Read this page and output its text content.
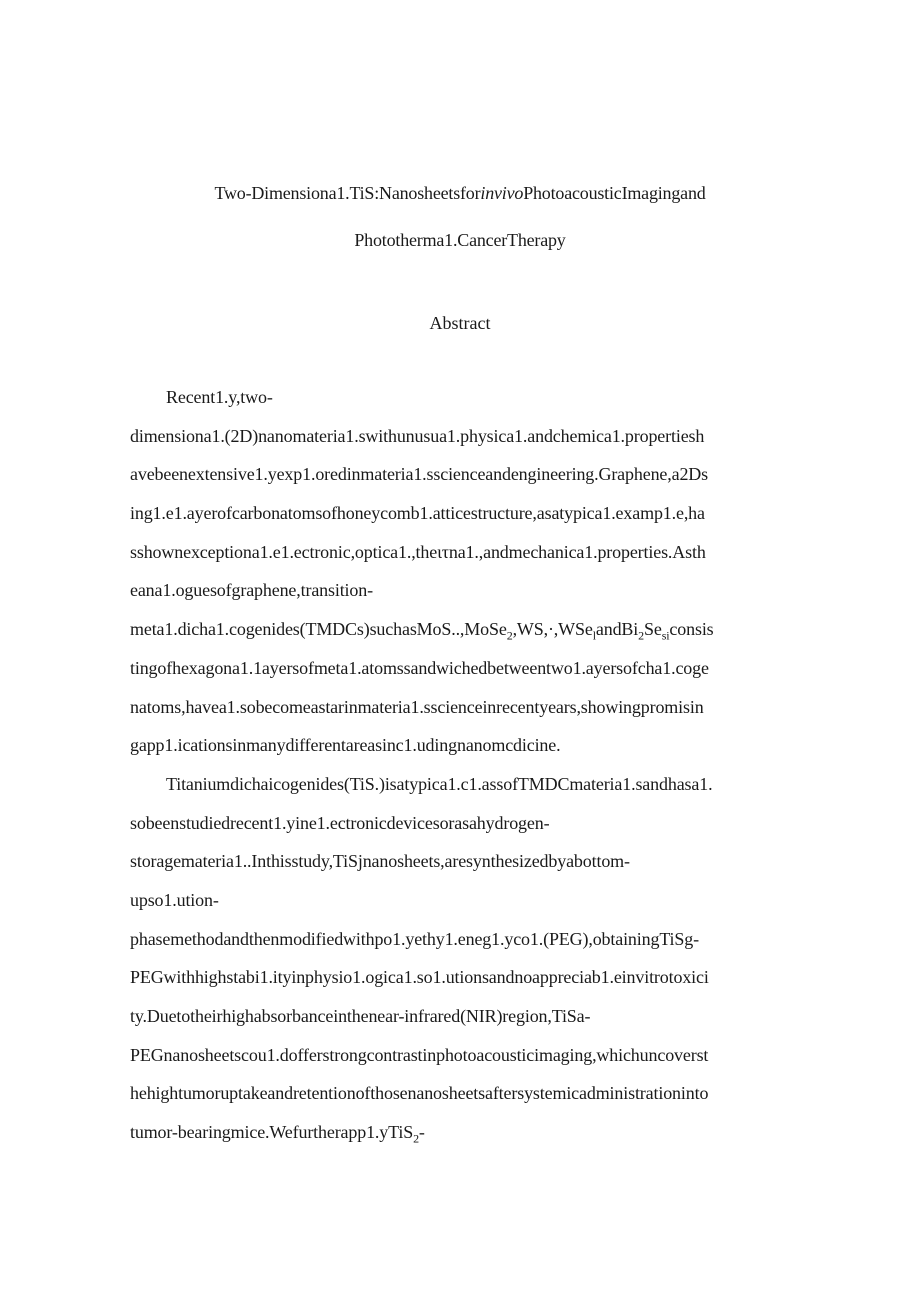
Two-Dimensiona1.TiS:NanosheetsforinvivoPhotoacousticImagingand
Phototherma1.CancerTherapy
Abstract
Recent1.y,two-
dimensiona1.(2D)nanomateria1.swithunusua1.physica1.andchemica1.propertiesh
avebeenextensive1.yexp1.oredinmateria1.sscienceandengineering.Graphene,a2Ds
ing1.e1.ayerofcarbonatomsofhoneycomb1.atticestructure,asatypica1.examp1.e,ha
sshownexceptiona1.e1.ectronic,optica1.,theιτna1.,andmechanica1.properties.Asth
eana1.oguesofgraphene,transition-
$meta1.dicha1.cogenides(TMDCs)suchasMoS..,MoSe_2,WS,\cdot,WSe_landBi_2Se_{si}consis$
tingofhexagona1.1ayersofmeta1.atomssandwichedbetweentwo1.ayersofcha1.coge
natoms,havea1.sobecomeastarinmateria1.sscienceinrecentyears,showingpromisin
gapp1.icationsinmanydifferentareasinc1.udingnanomcdicine.
Titaniumdichaicogenides(TiS.)isatypica1.c1.assofTMDCmateria1.sandhasa1.
sobeenstudiedrecent1.yine1.ectronicdevicesorasahydrogen-
storagemateria1..Inthisstudy,TiSjnanosheets,aresynthesizedbyabottom-
upso1.ution-
phasemethodandthenmodifiedwithpo1.yethy1.eneg1.yco1.(PEG),obtainingTiSg-
PEGwithhighstabi1.ityinphysio1.ogica1.so1.utionsandnoappreciab1.einvitrotoxici
ty.Duetotheirhighabsorbanceinthenear-infrared(NIR)region,TiSa-
PEGnanosheetscou1.dofferstrongcontrastinphotoacousticimaging,whichuncoverst
hehightumoruptakeandretentionofthosenanosheetsaftersystemicadministrationinto
tumor-bearingmice.Wefurtherapp1.yTiS$_2$-
